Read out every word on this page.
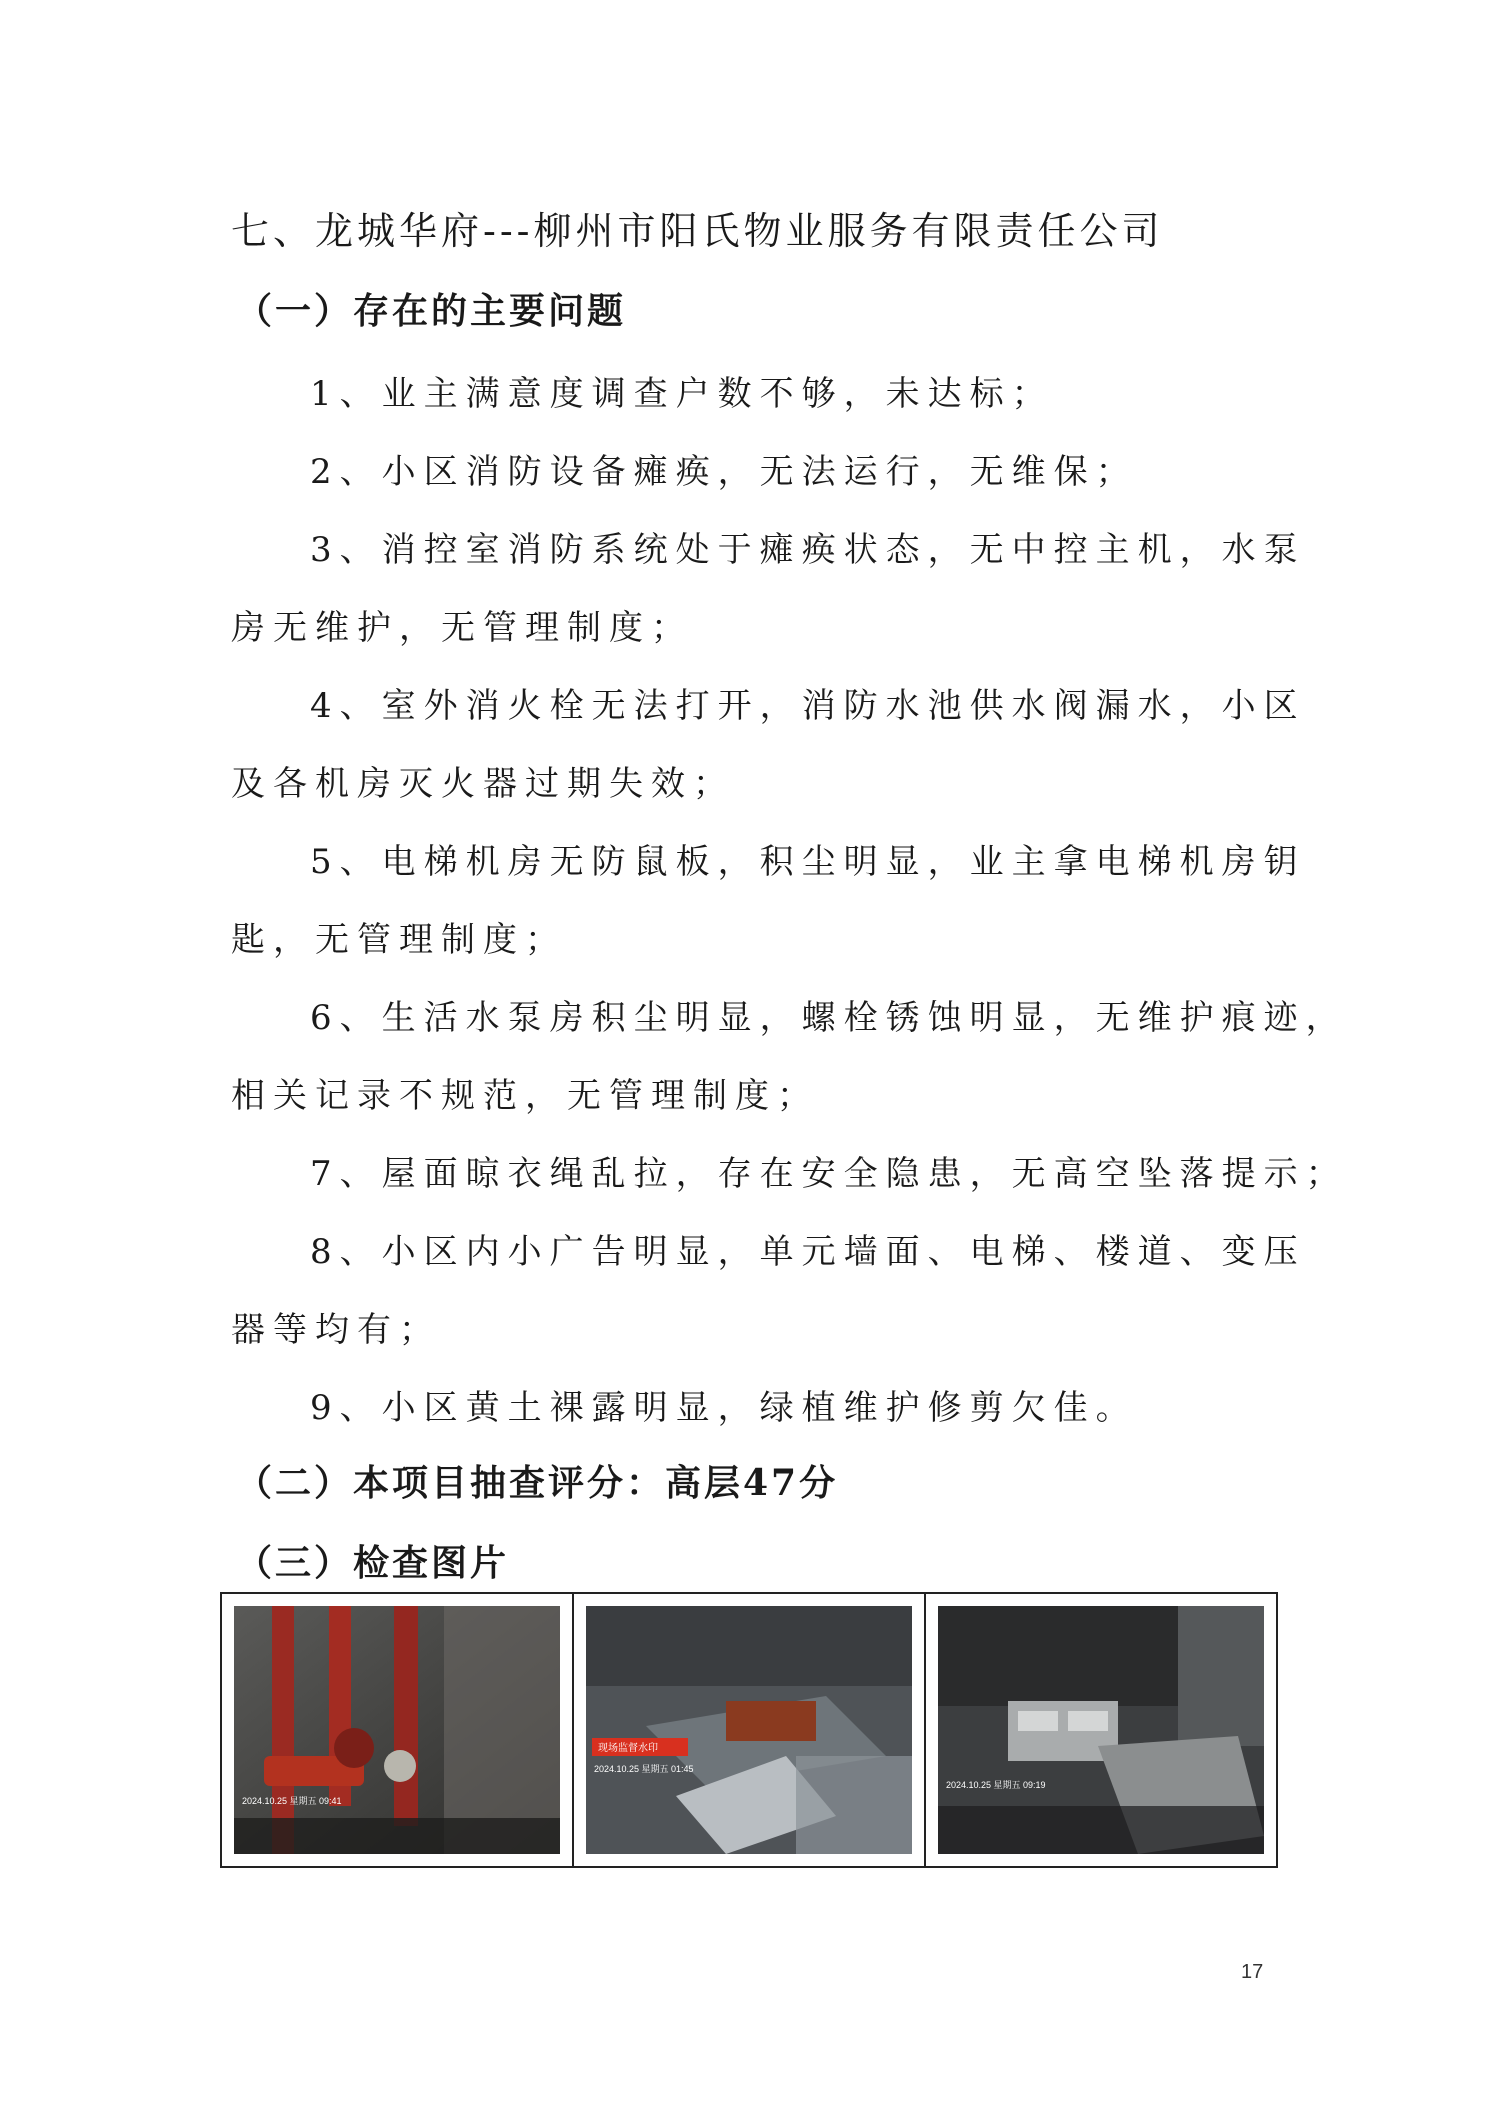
七、龙城华府---柳州市阳氏物业服务有限责任公司
（一）存在的主要问题
1、业主满意度调查户数不够，未达标；
2、小区消防设备瘫痪，无法运行，无维保；
3、消控室消防系统处于瘫痪状态，无中控主机，水泵
房无维护，无管理制度；
4、室外消火栓无法打开，消防水池供水阀漏水，小区
及各机房灭火器过期失效；
5、电梯机房无防鼠板，积尘明显，业主拿电梯机房钥
匙，无管理制度；
6、生活水泵房积尘明显，螺栓锈蚀明显，无维护痕迹，
相关记录不规范，无管理制度；
7、屋面晾衣绳乱拉，存在安全隐患，无高空坠落提示；
8、小区内小广告明显，单元墙面、电梯、楼道、变压
器等均有；
9、小区黄土裸露明显，绿植维护修剪欠佳。
（二）本项目抽查评分：高层47分
（三）检查图片
2024.10.25 星期五 09:41
现场监督水印
2024.10.25 星期五 01:45
2024.10.25 星期五 09:19
17
